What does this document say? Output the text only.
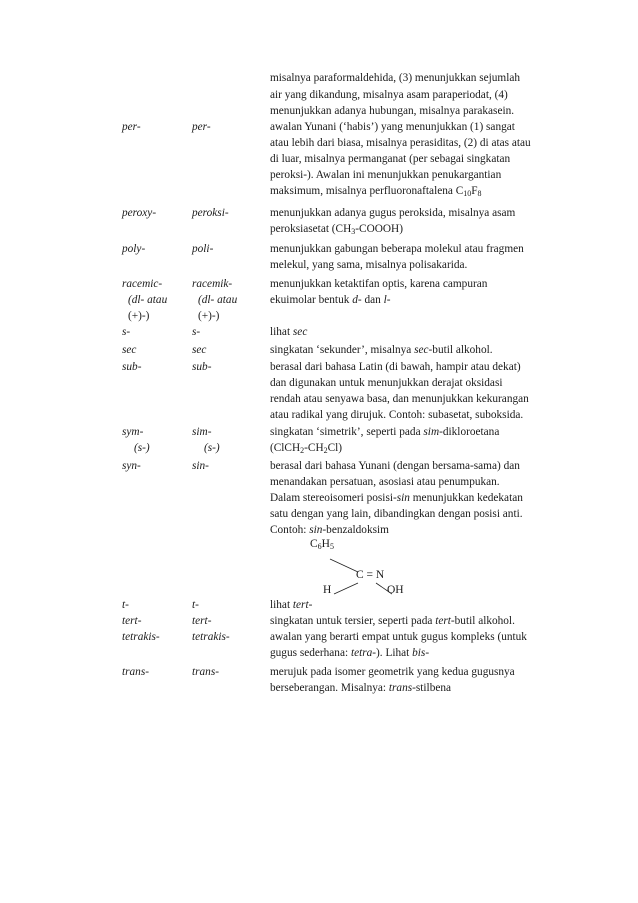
misalnya paraformaldehida, (3) menunjukkan sejumlah
air yang dikandung, misalnya asam paraperiodat, (4)
menunjukkan adanya hubungan, misalnya parakasein.
per-	per-	awalan Yunani (‘habis’) yang menunjukkan (1) sangat
atau lebih dari biasa, misalnya perasiditas, (2) di atas atau
di luar, misalnya permanganat (per sebagai singkatan
peroksi-). Awalan ini menunjukkan penukargantian
maksimum, misalnya perfluoronaftalena $C_{10}F_8$
peroxy-	peroksi-	menunjukkan adanya gugus peroksida, misalnya asam
peroksiasetat $(CH_3-COOOH)$
poly-	poli-	menunjukkan gabungan beberapa molekul atau fragmen
melekul, yang sama, misalnya polisakarida.
racemic-	racemik-	menunjukkan ketaktifan optis, karena campuran
(dl- atau	(dl- atau	ekuimolar bentuk d- dan l-
(+)-)	(+)-)
s-	s-	lihat sec
sec	sec	singkatan ‘sekunder’, misalnya sec-butil alkohol.
sub-	sub-	berasal dari bahasa Latin (di bawah, hampir atau dekat)
dan digunakan untuk menunjukkan derajat oksidasi
rendah atau senyawa basa, dan menunjukkan kekurangan
atau radikal yang dirujuk. Contoh: subasetat, suboksida.
sym-	sim-	singkatan ‘simetrik’, seperti pada sim-dikloroetana
(s-)	(s-)	$(ClCH_2-CH_2Cl)$
syn-	sin-	berasal dari bahasa Yunani (dengan bersama-sama) dan
menandakan persatuan, asosiasi atau penumpukan.
Dalam stereoisomeri posisi-sin menunjukkan kedekatan
satu dengan yang lain, dibandingkan dengan posisi anti.
Contoh: sin-benzaldoksim
$C_6H_5$
C = N
H	OH
t-	t-	lihat tert-
tert-	tert-	singkatan untuk tersier, seperti pada tert-butil alkohol.
tetrakis-	tetrakis-	awalan yang berarti empat untuk gugus kompleks (untuk
gugus sederhana: tetra-). Lihat bis-
trans-	trans-	merujuk pada isomer geometrik yang kedua gugusnya
berseberangan. Misalnya: trans-stilbena
